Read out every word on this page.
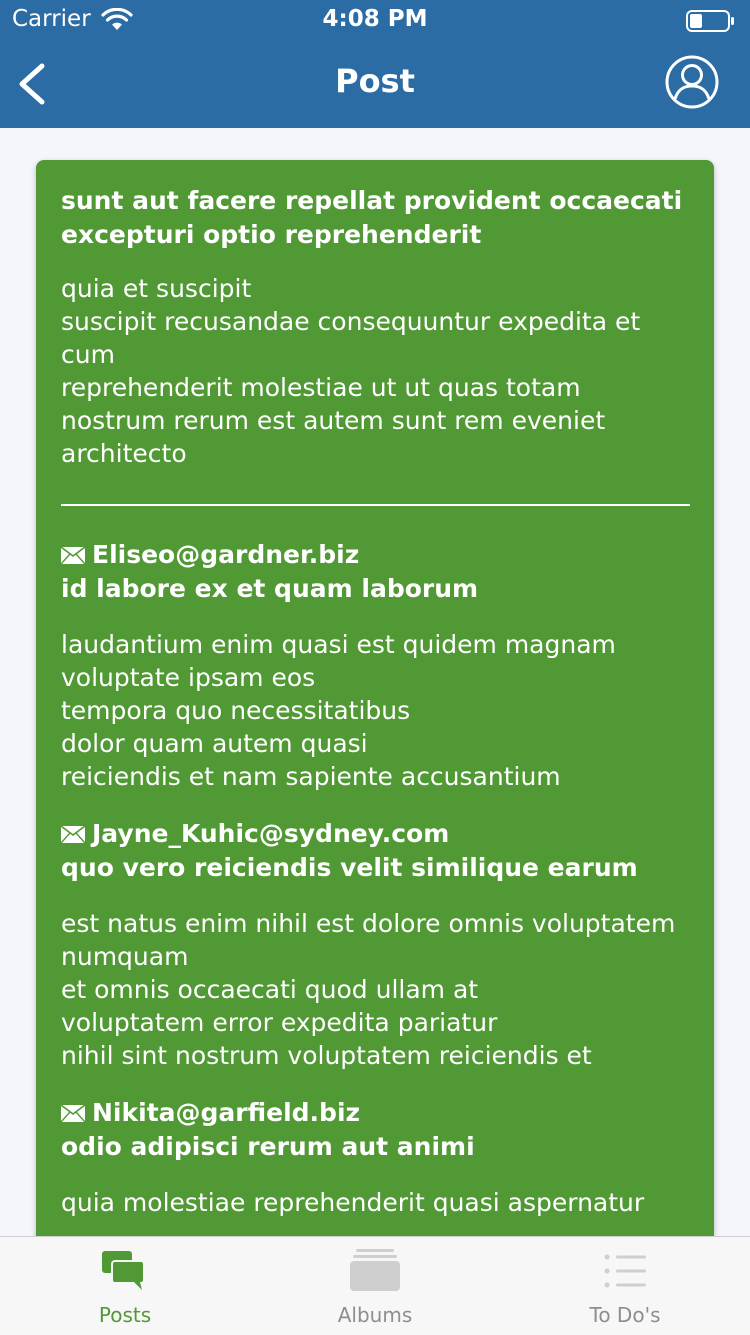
Carrier	4:08 PM
Post
sunt aut facere repellat provident occaecati excepturi optio reprehenderit
quia et suscipit
suscipit recusandae consequuntur expedita et cum
reprehenderit molestiae ut ut quas totam
nostrum rerum est autem sunt rem eveniet architecto
Eliseo@gardner.biz
id labore ex et quam laborum
laudantium enim quasi est quidem magnam voluptate ipsam eos
tempora quo necessitatibus
dolor quam autem quasi
reiciendis et nam sapiente accusantium
Jayne_Kuhic@sydney.com
quo vero reiciendis velit similique earum
est natus enim nihil est dolore omnis voluptatem numquam
et omnis occaecati quod ullam at
voluptatem error expedita pariatur
nihil sint nostrum voluptatem reiciendis et
Nikita@garfield.biz
odio adipisci rerum aut animi
quia molestiae reprehenderit quasi aspernatur
Posts	Albums	To Do's
